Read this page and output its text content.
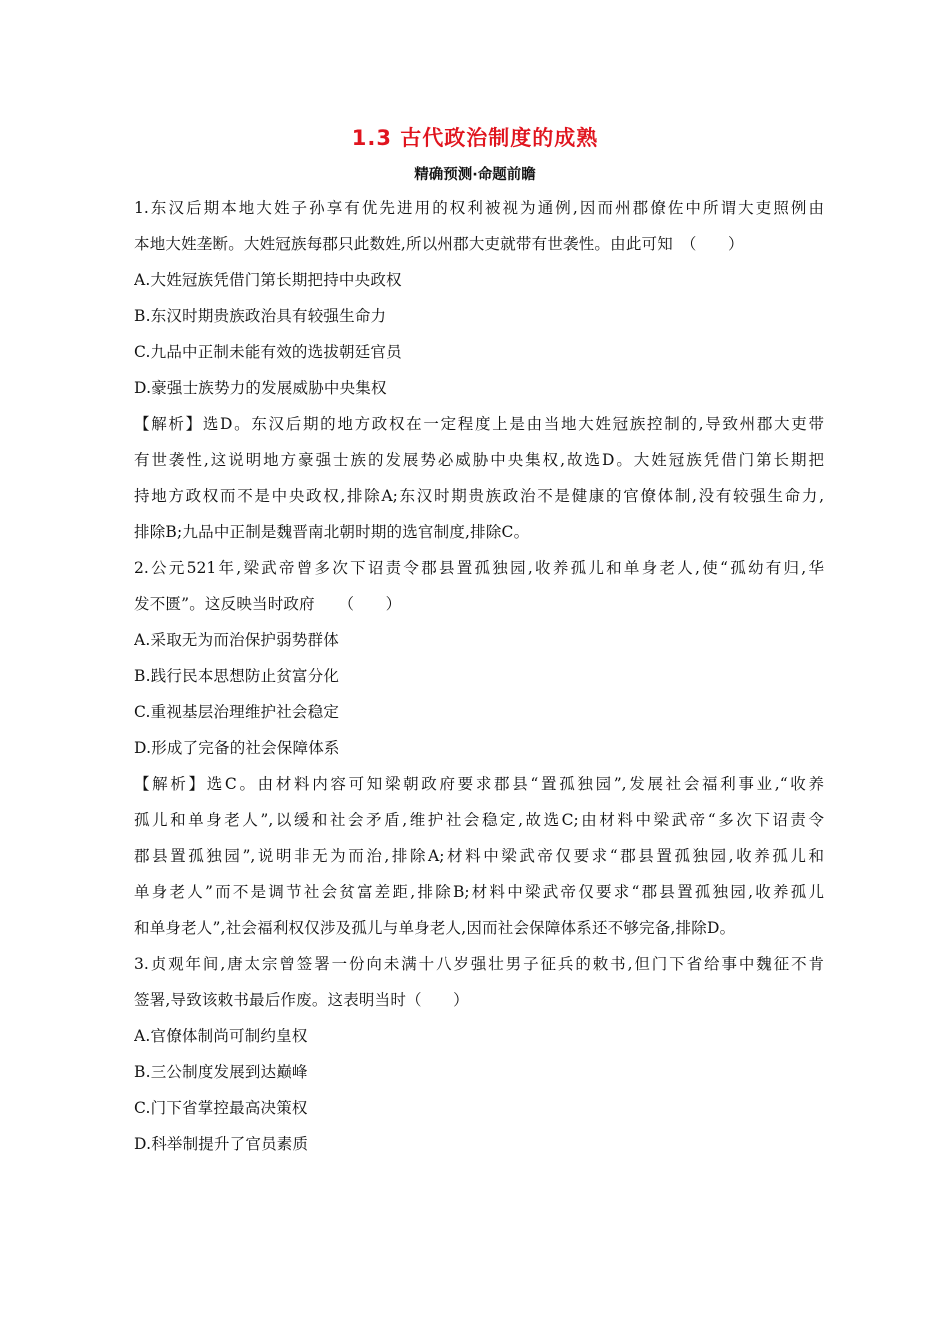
1.3 古代政治制度的成熟
精确预测·命题前瞻
1.东汉后期本地大姓子孙享有优先进用的权利被视为通例,因而州郡僚佐中所谓大吏照例由
本地大姓垄断。大姓冠族每郡只此数姓,所以州郡大吏就带有世袭性。由此可知　（　　）
A.大姓冠族凭借门第长期把持中央政权
B.东汉时期贵族政治具有较强生命力
C.九品中正制未能有效的选拔朝廷官员
D.豪强士族势力的发展威胁中央集权
【解析】选D。东汉后期的地方政权在一定程度上是由当地大姓冠族控制的,导致州郡大吏带
有世袭性,这说明地方豪强士族的发展势必威胁中央集权,故选D。大姓冠族凭借门第长期把
持地方政权而不是中央政权,排除A;东汉时期贵族政治不是健康的官僚体制,没有较强生命力,
排除B;九品中正制是魏晋南北朝时期的选官制度,排除C。
2.公元521年,梁武帝曾多次下诏责令郡县置孤独园,收养孤儿和单身老人,使“孤幼有归,华
发不匮”。这反映当时政府　　（　　）
A.采取无为而治保护弱势群体
B.践行民本思想防止贫富分化
C.重视基层治理维护社会稳定
D.形成了完备的社会保障体系
【解析】选C。由材料内容可知梁朝政府要求郡县“置孤独园”,发展社会福利事业,“收养
孤儿和单身老人”,以缓和社会矛盾,维护社会稳定,故选C;由材料中梁武帝“多次下诏责令
郡县置孤独园”,说明非无为而治,排除A;材料中梁武帝仅要求“郡县置孤独园,收养孤儿和
单身老人”而不是调节社会贫富差距,排除B;材料中梁武帝仅要求“郡县置孤独园,收养孤儿
和单身老人”,社会福利权仅涉及孤儿与单身老人,因而社会保障体系还不够完备,排除D。
3.贞观年间,唐太宗曾签署一份向未满十八岁强壮男子征兵的敕书,但门下省给事中魏征不肯
签署,导致该敕书最后作废。这表明当时（　　）
A.官僚体制尚可制约皇权
B.三公制度发展到达巅峰
C.门下省掌控最高决策权
D.科举制提升了官员素质
